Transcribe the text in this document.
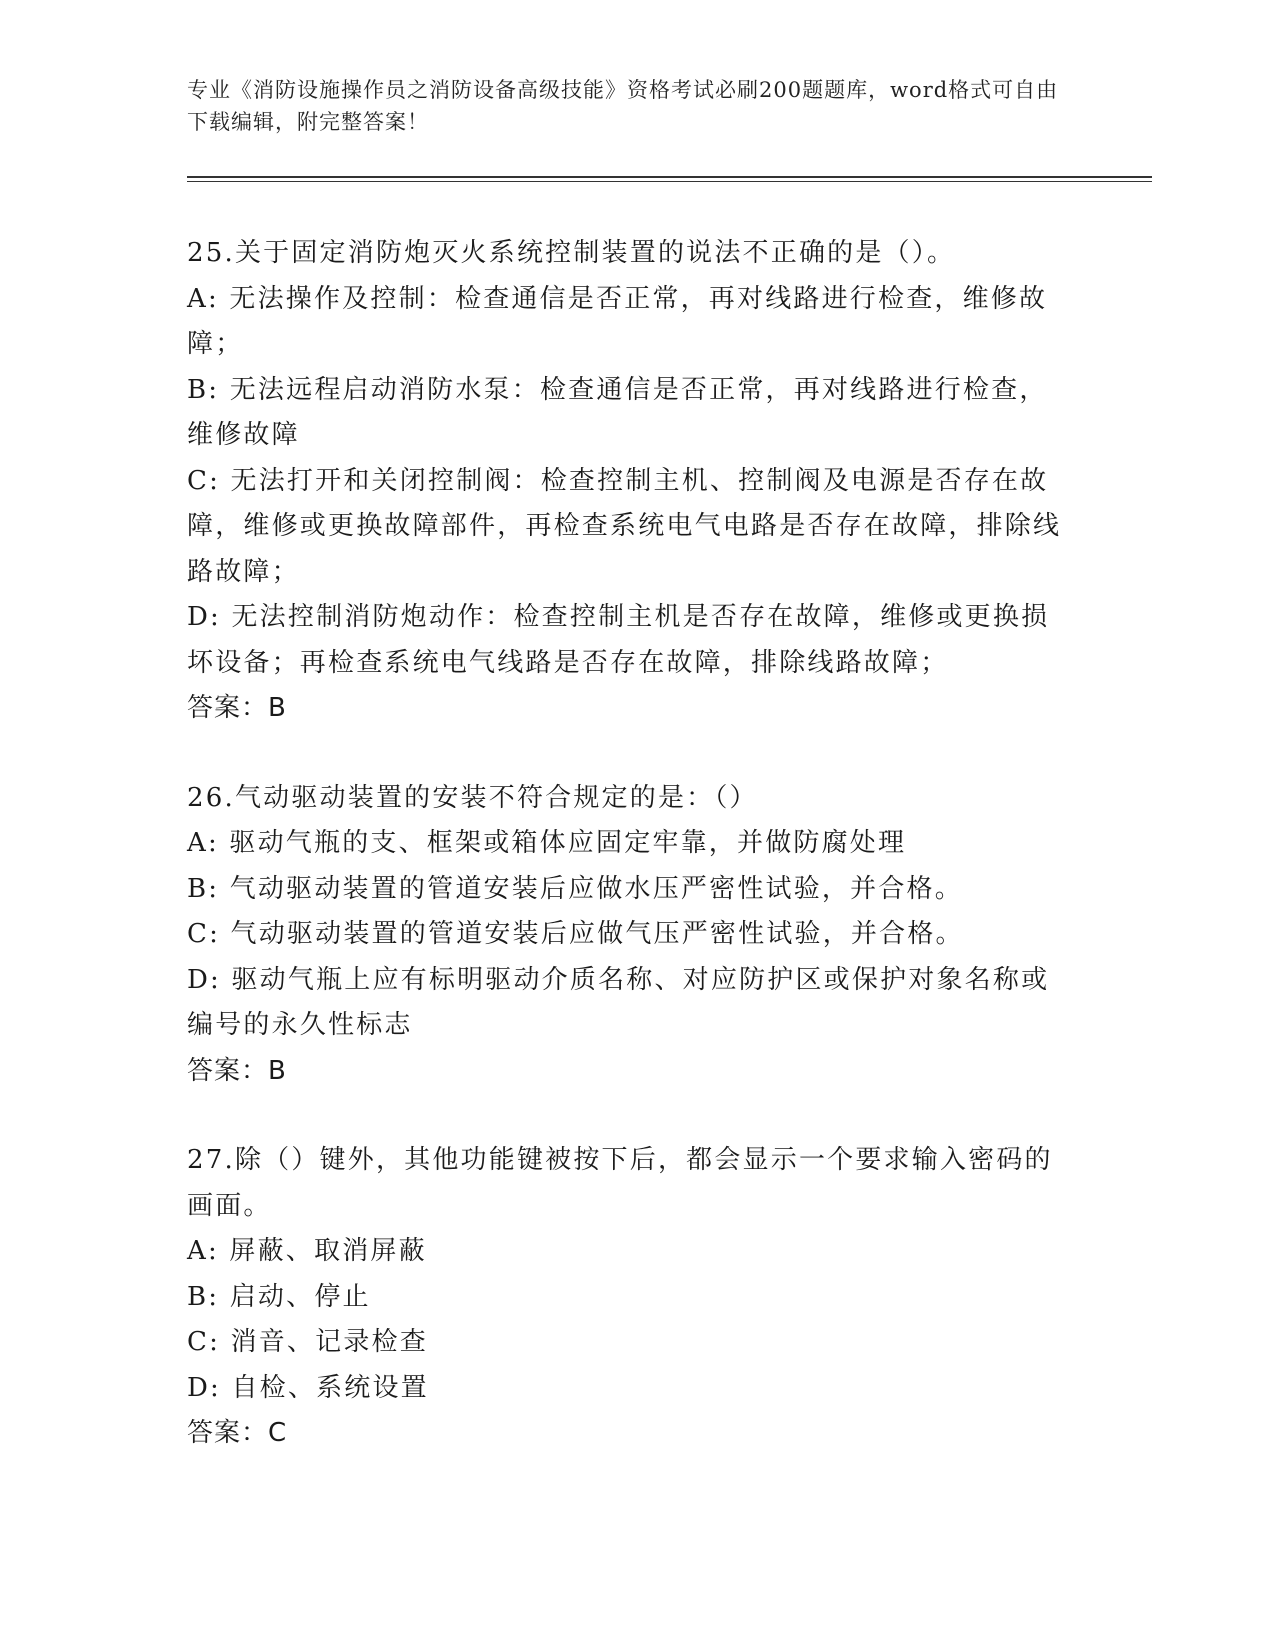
专业《消防设施操作员之消防设备高级技能》资格考试必刷200题题库，word格式可自由下载编辑，附完整答案！

25.关于固定消防炮灭火系统控制装置的说法不正确的是（）。

A: 无法操作及控制：检查通信是否正常，再对线路进行检查，维修故障；

B: 无法远程启动消防水泵：检查通信是否正常，再对线路进行检查，维修故障

C: 无法打开和关闭控制阀：检查控制主机、控制阀及电源是否存在故障，维修或更换故障部件，再检查系统电气电路是否存在故障，排除线路故障；

D: 无法控制消防炮动作：检查控制主机是否存在故障，维修或更换损坏设备；再检查系统电气线路是否存在故障，排除线路故障；

答案：B

26.气动驱动装置的安装不符合规定的是：（）

A: 驱动气瓶的支、框架或箱体应固定牢靠，并做防腐处理

B: 气动驱动装置的管道安装后应做水压严密性试验，并合格。

C: 气动驱动装置的管道安装后应做气压严密性试验，并合格。

D: 驱动气瓶上应有标明驱动介质名称、对应防护区或保护对象名称或编号的永久性标志

答案：B

27.除（）键外，其他功能键被按下后，都会显示一个要求输入密码的画面。

A: 屏蔽、取消屏蔽

B: 启动、停止

C: 消音、记录检查

D: 自检、系统设置

答案：C
